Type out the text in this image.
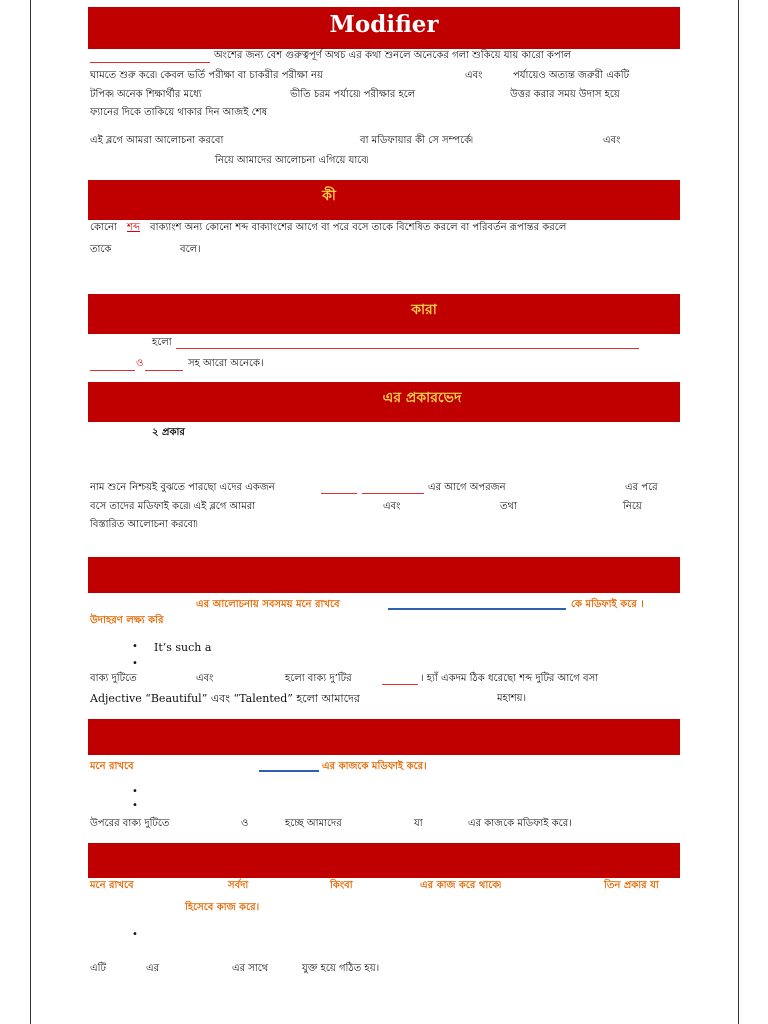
Modifier
অংশের জন্য বেশ গুরুত্বপূর্ণ অথচ এর কথা শুনলে অনেকের গলা শুকিয়ে যায় কারো কপাল
ঘামতে শুরু করে৷ কেবল ভর্তি পরীক্ষা বা চাকরীর পরীক্ষা নয়	এবং	পর্যায়েও অত্যন্ত জরুরী একটি
টপিক৷ অনেক শিক্ষার্থীর মধ্যে	ভীতি চরম পর্যায়ে৷ পরীক্ষার হলে	উত্তর করার সময় উদাস হয়ে
ফ্যানের দিকে তাকিয়ে থাকার দিন আজই শেষ
এই ব্লগে আমরা আলোচনা করবো	বা মডিফায়ার কী সে সম্পর্কে৷	এবং
নিয়ে আমাদের আলোচনা এগিয়ে যাবে৷
কী
কোনো শব্দ বাক্যাংশ অন্য কোনো শব্দ বাক্যাংশের আগে বা পরে বসে তাকে বিশেষিত করলে বা পরিবর্তন রূপান্তর করলে
তাকে	বলে।
কারা
হলো
ও	সহ আরো অনেকে।
এর প্রকারভেদ
২ প্রকার
নাম শুনে নিশ্চয়ই বুঝতে পারছো এদের একজন	এর আগে অপরজন	এর পরে
বসে তাদের মডিফাই করে৷ এই ব্লগে আমরা	এবং	তথা	নিয়ে
বিস্তারিত আলোচনা করবো৷
এর আলোচনায় সবসময় মনে রাখবে	কে মডিফাই করে ।
উদাহরণ লক্ষ্য করি
• It’s such a
•
বাক্য দুটিতে	এবং	হলো বাক্য দু’টির	। হ্যাঁ একদম ঠিক ধরেছো শব্দ দুটির আগে বসা
Adjective “Beautiful” এবং “Talented” হলো আমাদের	মহাশয়।
মনে রাখবে	এর কাজকে মডিফাই করে।
•
•
উপরের বাক্য দুটিতে	ও	হচ্ছে আমাদের	যা	এর কাজকে মডিফাই করে।
মনে রাখবে	সর্বদা	কিংবা	এর কাজ করে থাকে৷	তিন প্রকার যা
হিসেবে কাজ করে।
•
এটি	এর	এর সাথে	যুক্ত হয়ে গঠিত হয়।
